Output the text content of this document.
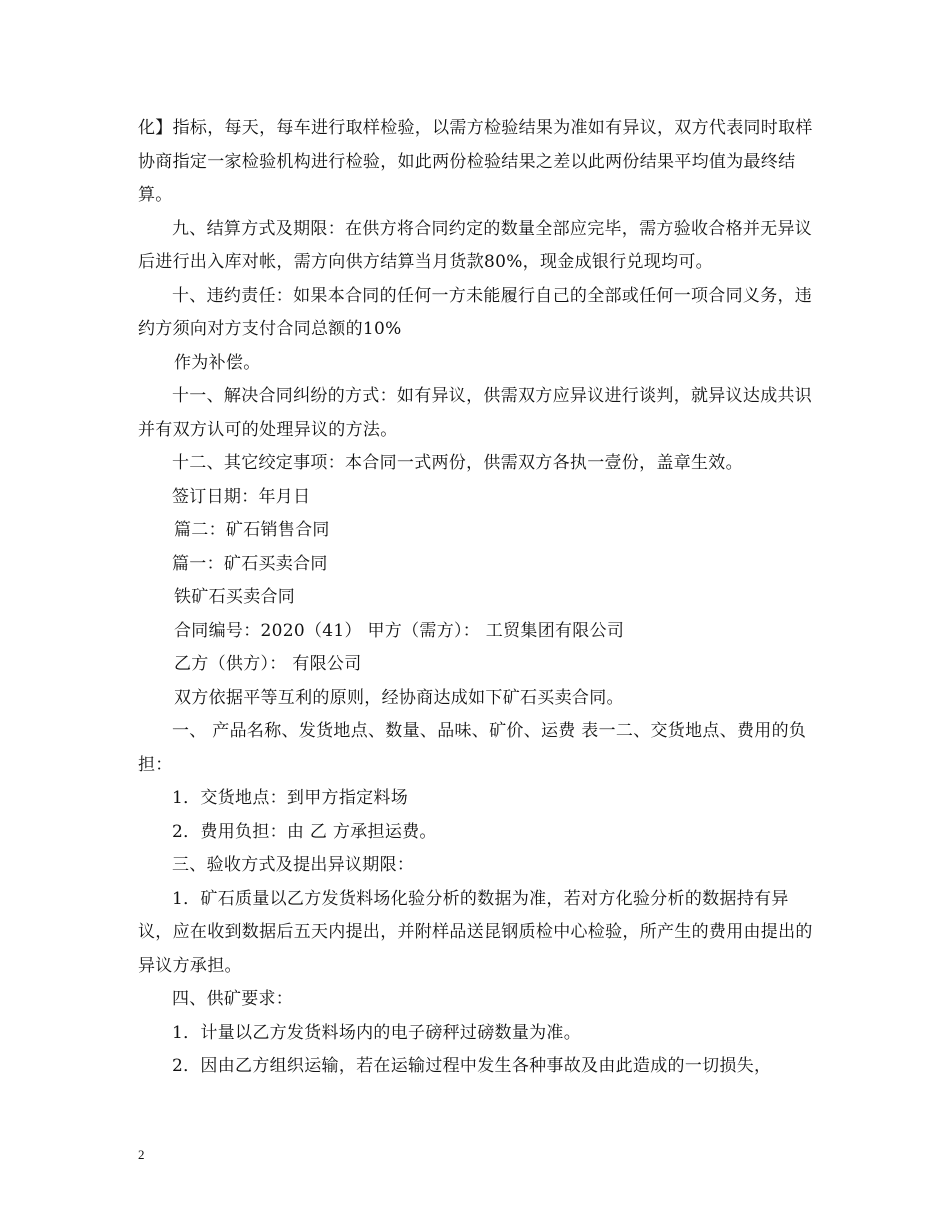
化】指标，每天，每车进行取样检验，以需方检验结果为准如有异议，双方代表同时取样协商指定一家检验机构进行检验，如此两份检验结果之差以此两份结果平均值为最终结算。

九、结算方式及期限：在供方将合同约定的数量全部应完毕，需方验收合格并无异议后进行出入库对帐，需方向供方结算当月货款80%，现金成银行兑现均可。

十、违约责任：如果本合同的任何一方未能履行自己的全部或任何一项合同义务，违约方须向对方支付合同总额的10%

作为补偿。

十一、解决合同纠纷的方式：如有异议，供需双方应异议进行谈判，就异议达成共识并有双方认可的处理异议的方法。

十二、其它绞定事项：本合同一式两份，供需双方各执一壹份，盖章生效。

签订日期：年月日

篇二：矿石销售合同

篇一：矿石买卖合同

铁矿石买卖合同

合同编号：2020（41） 甲方（需方）： 工贸集团有限公司

乙方（供方）： 有限公司

双方依据平等互利的原则，经协商达成如下矿石买卖合同。

一、 产品名称、发货地点、数量、品味、矿价、运费 表一二、交货地点、费用的负担：

1．交货地点：到甲方指定料场

2．费用负担：由 乙 方承担运费。

三、验收方式及提出异议期限：

1．矿石质量以乙方发货料场化验分析的数据为准，若对方化验分析的数据持有异议，应在收到数据后五天内提出，并附样品送昆钢质检中心检验，所产生的费用由提出的异议方承担。

四、供矿要求：

1．计量以乙方发货料场内的电子磅秤过磅数量为准。

2．因由乙方组织运输，若在运输过程中发生各种事故及由此造成的一切损失，

2
